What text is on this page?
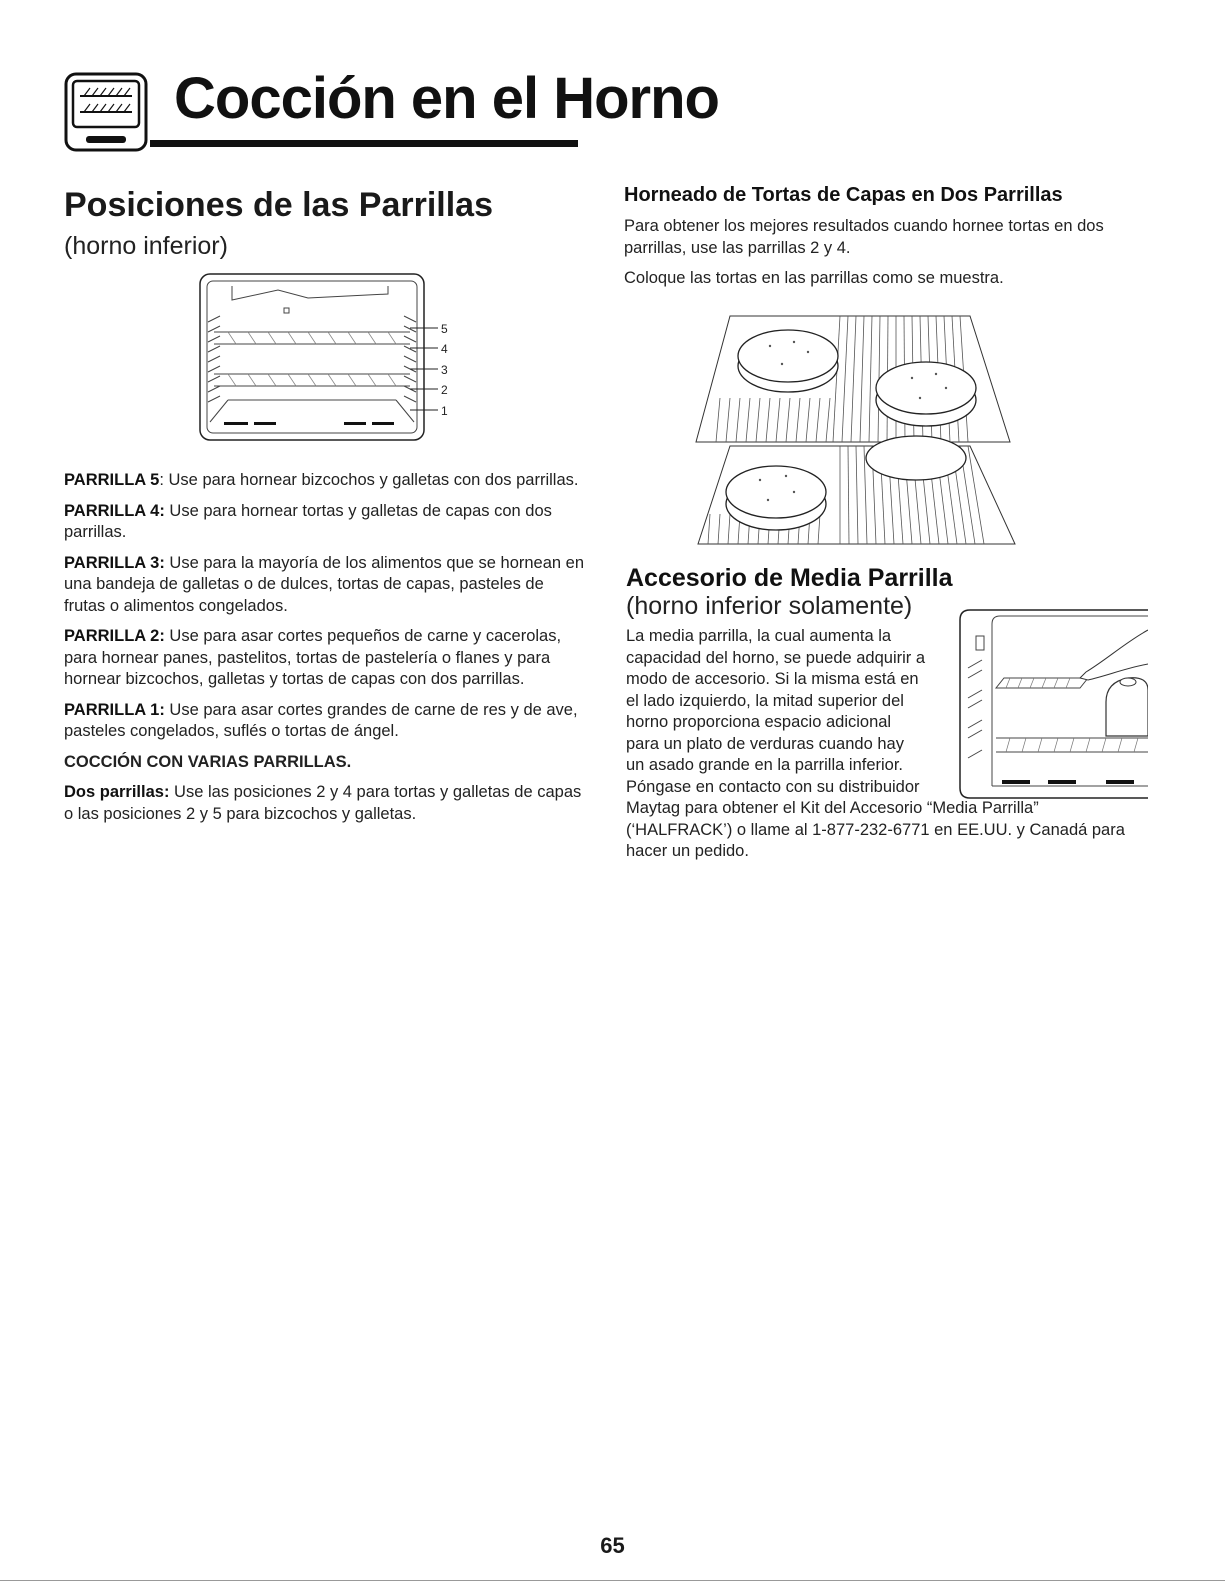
Cocción en el Horno
Posiciones de las Parrillas
(horno inferior)
5
4
3
2
1

PARRILLA 5: Use para hornear bizcochos y galletas con dos parrillas.

PARRILLA 4: Use para hornear tortas y galletas de capas con dos parrillas.

PARRILLA 3: Use para la mayoría de los alimentos que se hornean en una bandeja de galletas o de dulces, tortas de capas, pasteles de frutas o alimentos congelados.

PARRILLA 2: Use para asar cortes pequeños de carne y cacerolas, para hornear panes, pastelitos, tortas de pastelería o flanes y para hornear bizcochos, galletas y tortas de capas con dos parrillas.

PARRILLA 1: Use para asar cortes grandes de carne de res y de ave, pasteles congelados, suflés o tortas de ángel.

COCCIÓN CON VARIAS PARRILLAS.

Dos parrillas: Use las posiciones 2 y 4 para tortas y galletas de capas o las posiciones 2 y 5 para bizcochos y galletas.

Horneado de Tortas de Capas en Dos Parrillas

Para obtener los mejores resultados cuando hornee tortas en dos parrillas, use las parrillas 2 y 4.

Coloque las tortas en las parrillas como se muestra.

Accesorio de Media Parrilla
(horno inferior solamente)
La media parrilla, la cual aumenta la
capacidad del horno, se puede adquirir a
modo de accesorio. Si la misma está en
el lado izquierdo, la mitad superior del
horno proporciona espacio adicional
para un plato de verduras cuando hay
un asado grande en la parrilla inferior.
Póngase en contacto con su distribuidor
Maytag para obtener el Kit del Accesorio “Media Parrilla”
(‘HALFRACK’) o llame al 1-877-232-6771 en EE.UU. y Canadá para
hacer un pedido.
65
